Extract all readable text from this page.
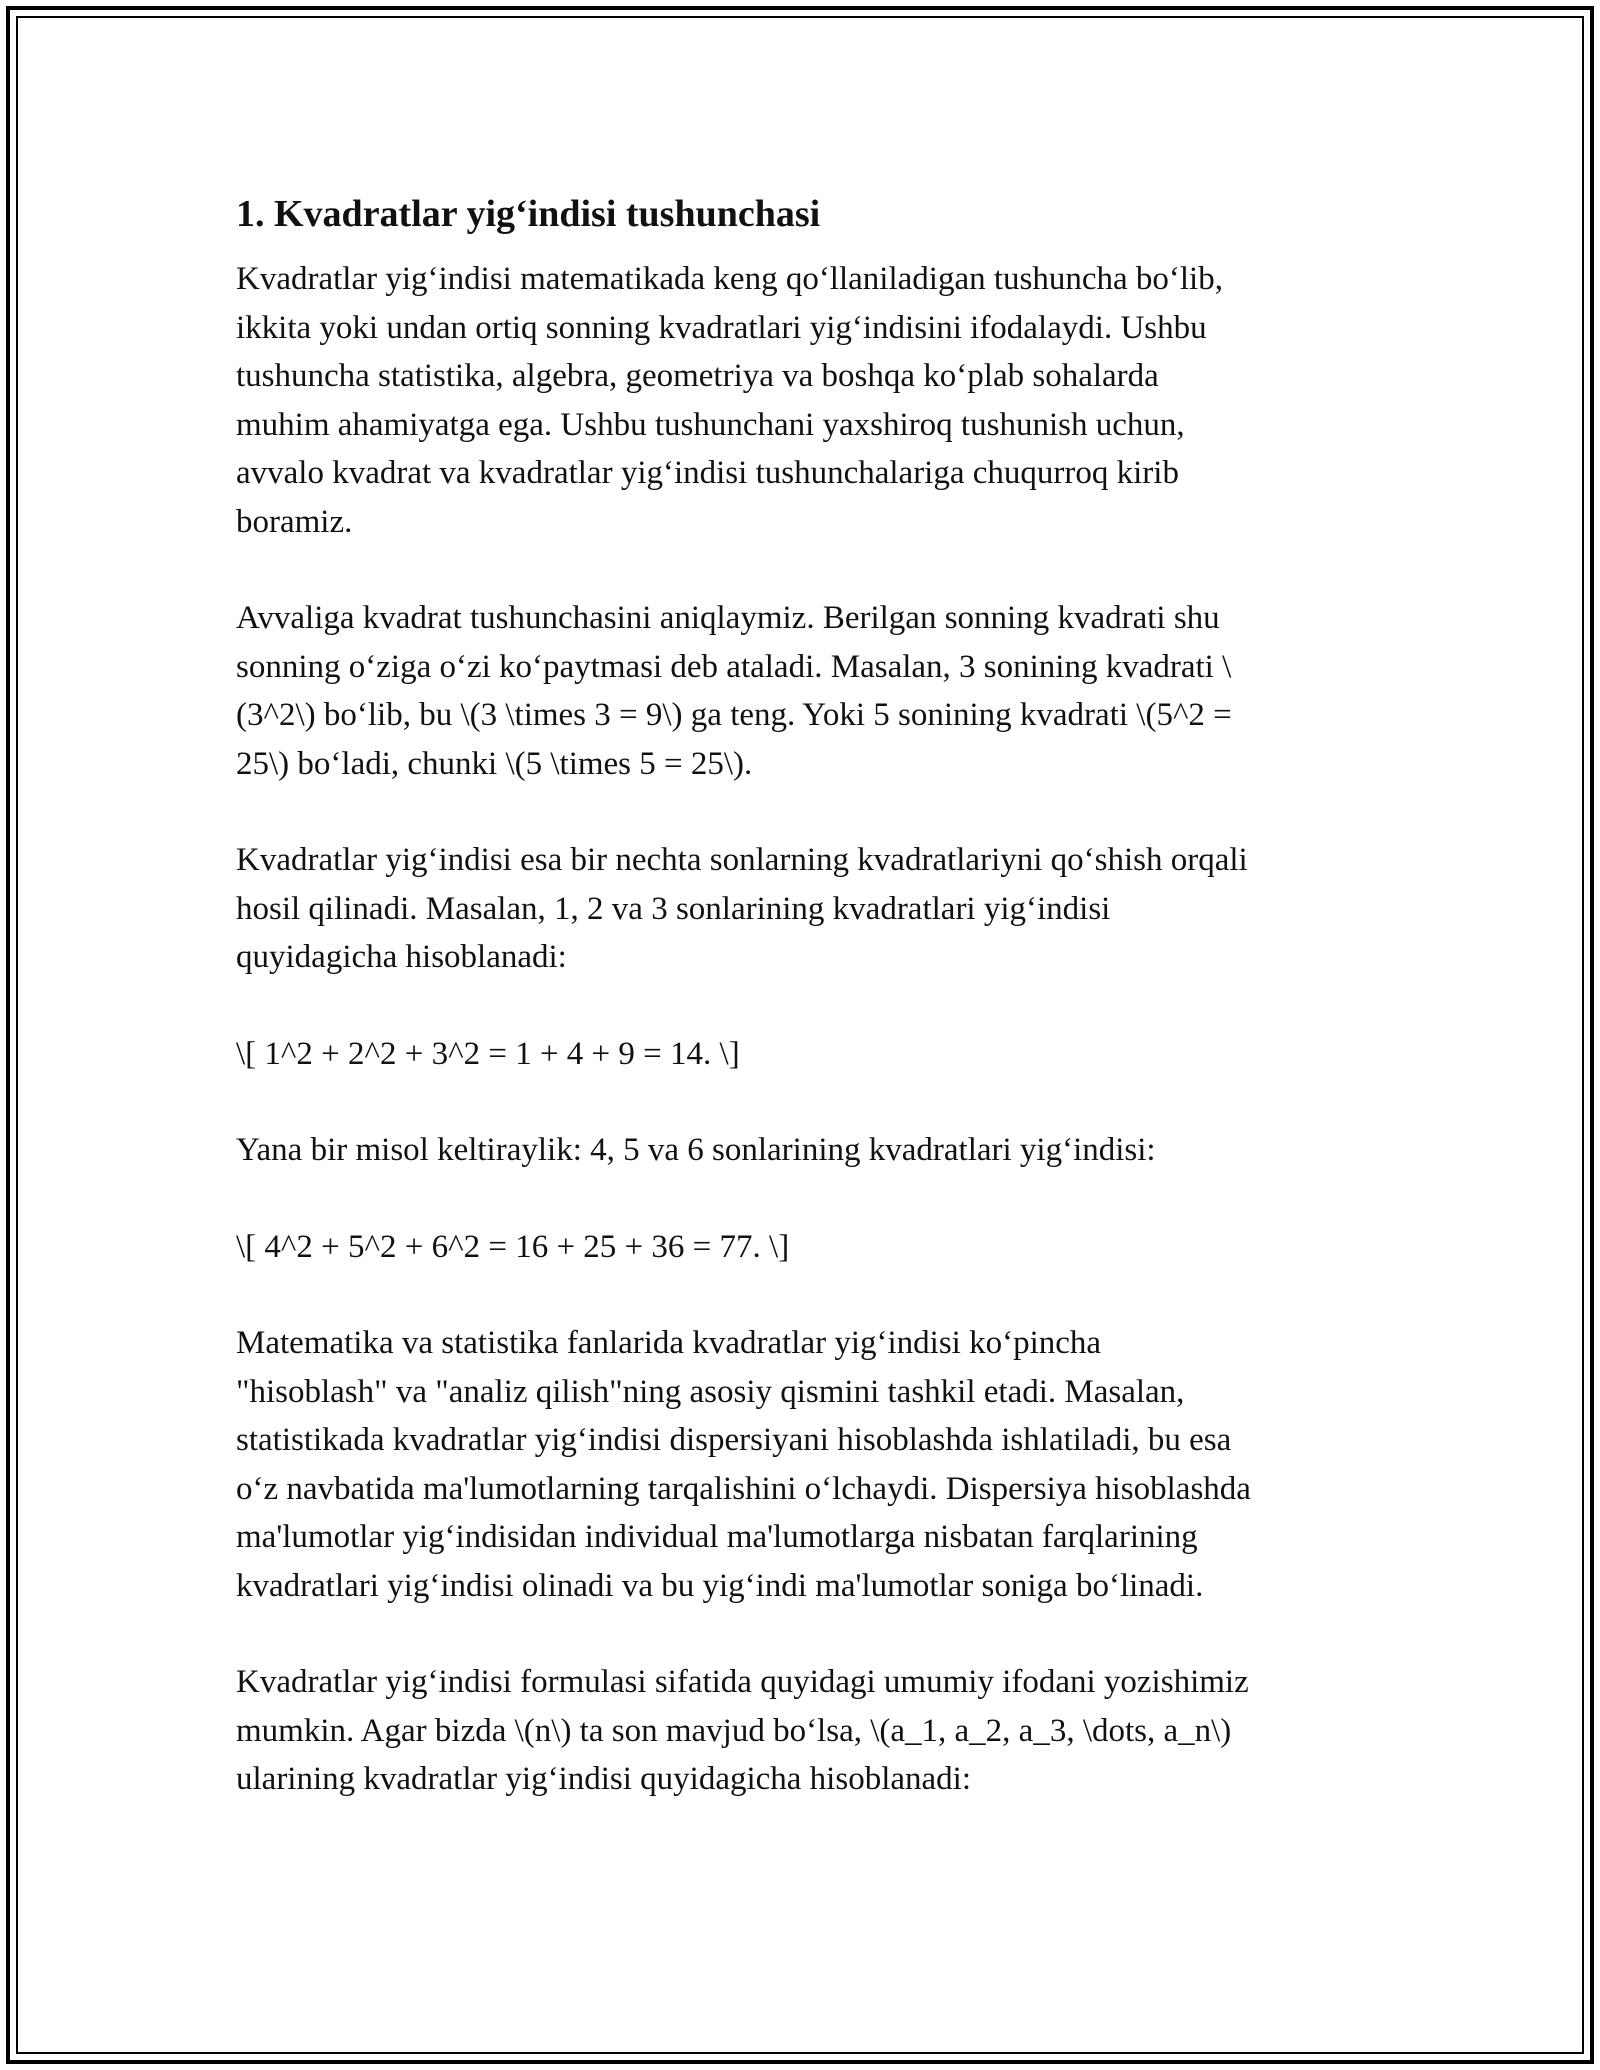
1. Kvadratlar yig‘indisi tushunchasi
Kvadratlar yig‘indisi matematikada keng qo‘llaniladigan tushuncha bo‘lib,
ikkita yoki undan ortiq sonning kvadratlari yig‘indisini ifodalaydi. Ushbu
tushuncha statistika, algebra, geometriya va boshqa ko‘plab sohalarda
muhim ahamiyatga ega. Ushbu tushunchani yaxshiroq tushunish uchun,
avvalo kvadrat va kvadratlar yig‘indisi tushunchalariga chuqurroq kirib
boramiz.
Avvaliga kvadrat tushunchasini aniqlaymiz. Berilgan sonning kvadrati shu
sonning o‘ziga o‘zi ko‘paytmasi deb ataladi. Masalan, 3 sonining kvadrati \
(3^2\) bo‘lib, bu \(3 \times 3 = 9\) ga teng. Yoki 5 sonining kvadrati \(5^2 =
25\) bo‘ladi, chunki \(5 \times 5 = 25\).
Kvadratlar yig‘indisi esa bir nechta sonlarning kvadratlariyni qo‘shish orqali
hosil qilinadi. Masalan, 1, 2 va 3 sonlarining kvadratlari yig‘indisi
quyidagicha hisoblanadi:
\[ 1^2 + 2^2 + 3^2 = 1 + 4 + 9 = 14. \]
Yana bir misol keltiraylik: 4, 5 va 6 sonlarining kvadratlari yig‘indisi:
\[ 4^2 + 5^2 + 6^2 = 16 + 25 + 36 = 77. \]
Matematika va statistika fanlarida kvadratlar yig‘indisi ko‘pincha
"hisoblash" va "analiz qilish"ning asosiy qismini tashkil etadi. Masalan,
statistikada kvadratlar yig‘indisi dispersiyani hisoblashda ishlatiladi, bu esa
o‘z navbatida ma'lumotlarning tarqalishini o‘lchaydi. Dispersiya hisoblashda
ma'lumotlar yig‘indisidan individual ma'lumotlarga nisbatan farqlarining
kvadratlari yig‘indisi olinadi va bu yig‘indi ma'lumotlar soniga bo‘linadi.
Kvadratlar yig‘indisi formulasi sifatida quyidagi umumiy ifodani yozishimiz
mumkin. Agar bizda \(n\) ta son mavjud bo‘lsa, \(a_1, a_2, a_3, \dots, a_n\)
ularining kvadratlar yig‘indisi quyidagicha hisoblanadi:
